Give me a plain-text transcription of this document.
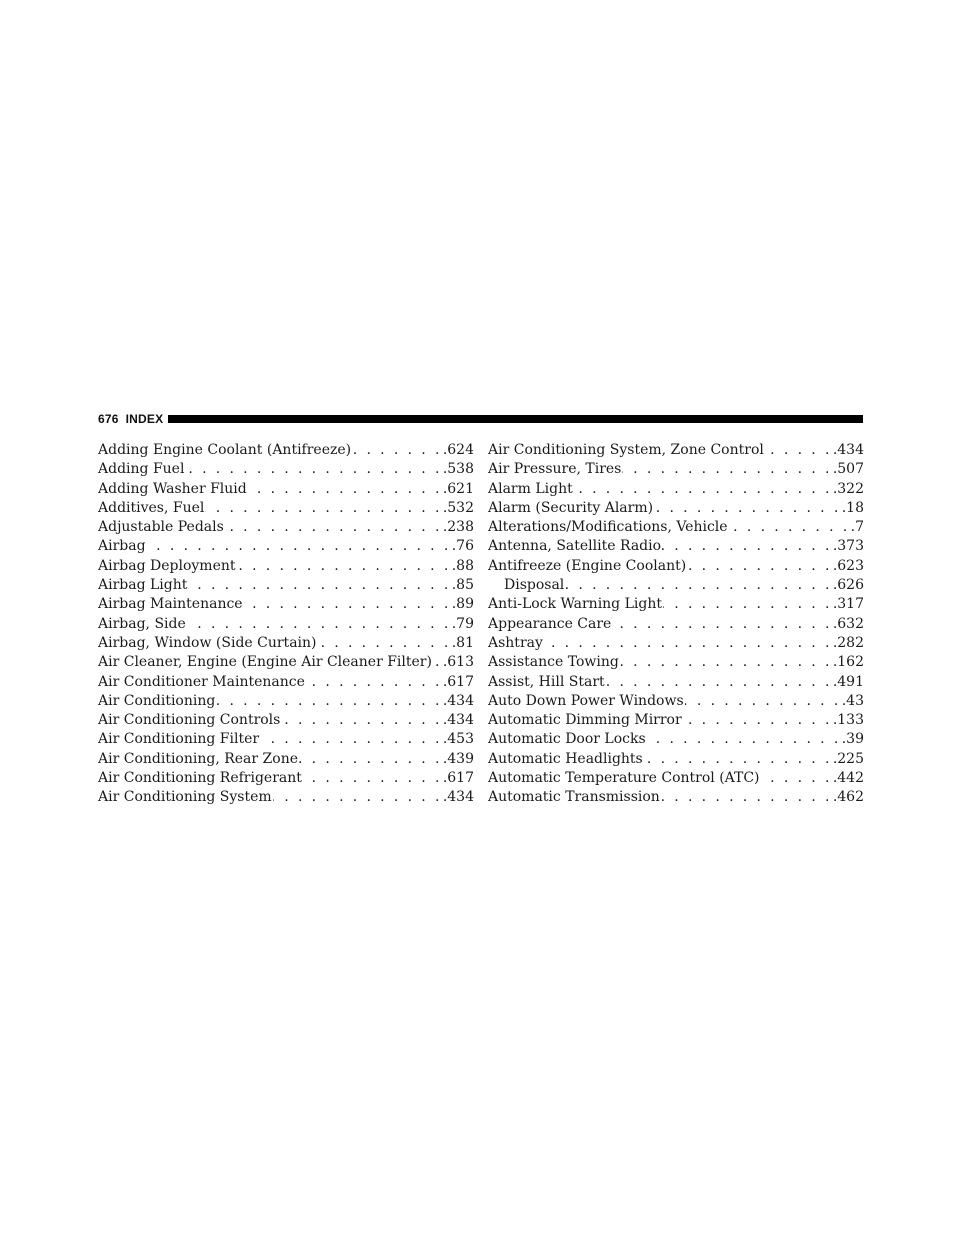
676 INDEX
Adding Engine Coolant (Antifreeze) . . .	.624
Adding Fuel . . .	.538
Adding Washer Fluid . . .	.621
Additives, Fuel . . .	.532
Adjustable Pedals . . .	.238
Airbag . . .	.76
Airbag Deployment . . .	.88
Airbag Light . . .	.85
Airbag Maintenance . . .	.89
Airbag, Side . . .	.79
Airbag, Window (Side Curtain) . . .	.81
Air Cleaner, Engine (Engine Air Cleaner Filter) . . . .613
Air Conditioner Maintenance . . .	.617
Air Conditioning . . .	.434
Air Conditioning Controls . . .	.434
Air Conditioning Filter . . .	.453
Air Conditioning, Rear Zone . . .	.439
Air Conditioning Refrigerant . . .	.617
Air Conditioning System . . .	.434
Air Conditioning System, Zone Control . . .	.434
Air Pressure, Tires . . .	.507
Alarm Light . . .	.322
Alarm (Security Alarm) . . .	.18
Alterations/Modifications, Vehicle . . .	.7
Antenna, Satellite Radio . . .	.373
Antifreeze (Engine Coolant) . . .	.623
Disposal . . .	.626
Anti-Lock Warning Light . . .	.317
Appearance Care . . .	.632
Ashtray . . .	.282
Assistance Towing . . .	.162
Assist, Hill Start . . .	.491
Auto Down Power Windows . . .	.43
Automatic Dimming Mirror . . .	.133
Automatic Door Locks . . .	.39
Automatic Headlights . . .	.225
Automatic Temperature Control (ATC) . . .	.442
Automatic Transmission . . .	.462
